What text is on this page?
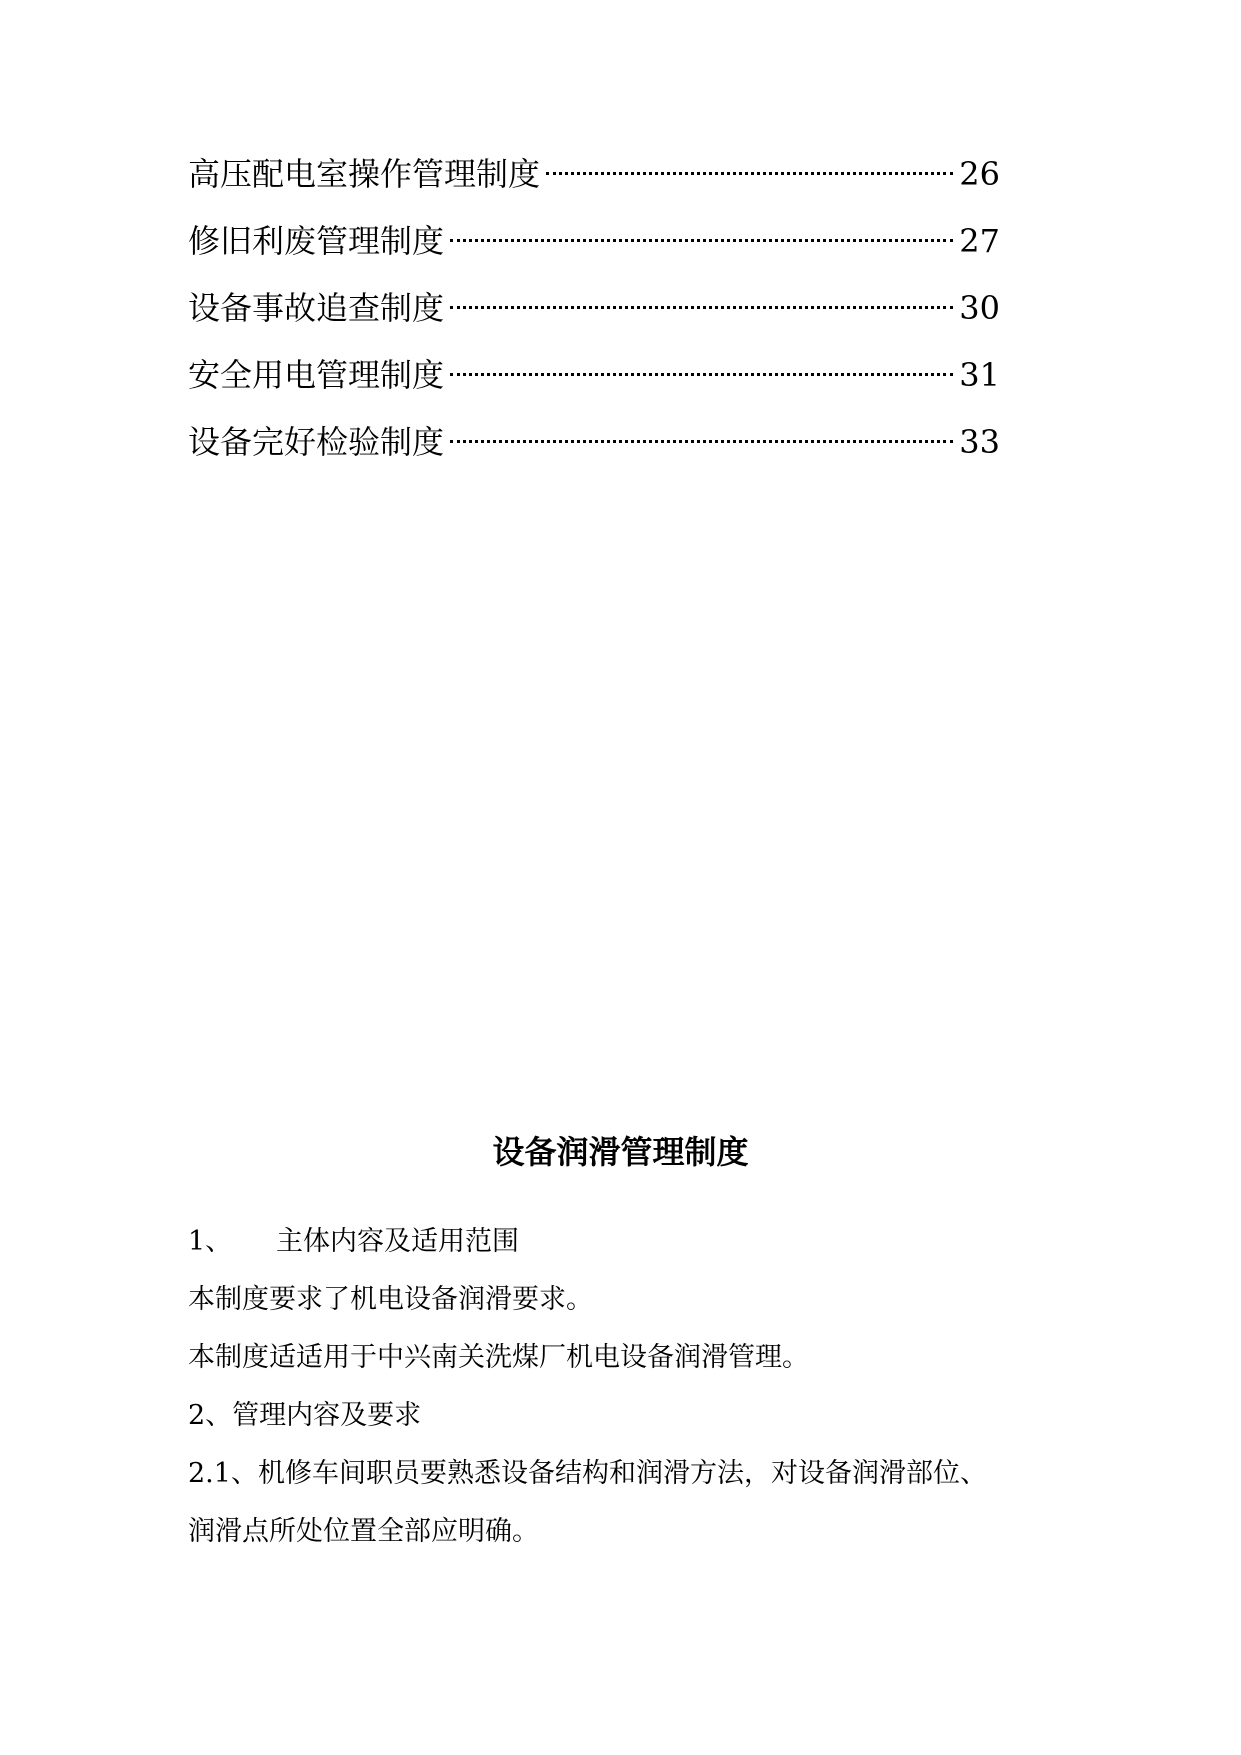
高压配电室操作管理制度	26
修旧利废管理制度	27
设备事故追查制度	30
安全用电管理制度	31
设备完好检验制度	33
设备润滑管理制度
1、 主体内容及适用范围
本制度要求了机电设备润滑要求。
本制度适适用于中兴南关洗煤厂机电设备润滑管理。
2、管理内容及要求
2.1、机修车间职员要熟悉设备结构和润滑方法，对设备润滑部位、
润滑点所处位置全部应明确。
